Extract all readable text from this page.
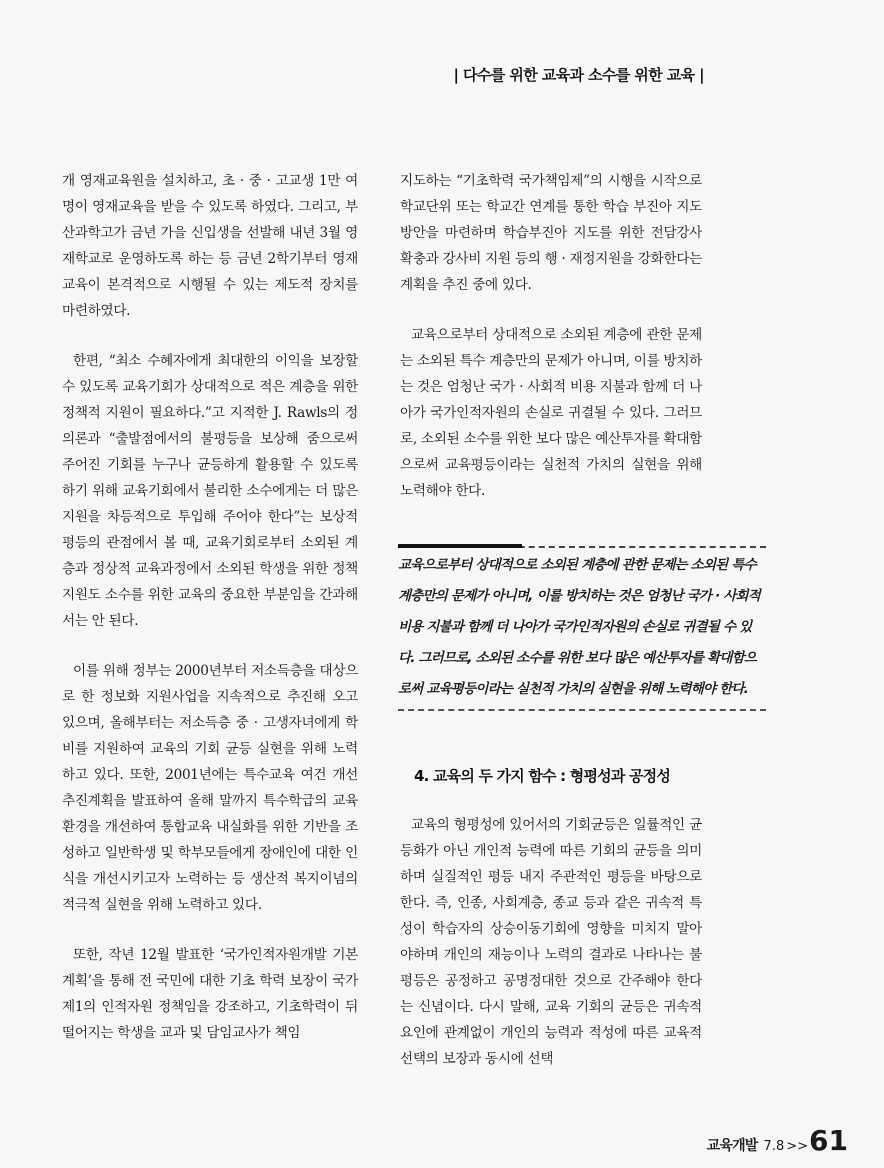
| 다수를 위한 교육과 소수를 위한 교육 |

개 영재교육원을 설치하고, 초 · 중 · 고교생 1만 여명이 영재교육을 받을 수 있도록 하였다. 그리고, 부산과학고가 금년 가을 신입생을 선발해 내년 3월 영재학교로 운영하도록 하는 등 금년 2학기부터 영재교육이 본격적으로 시행될 수 있는 제도적 장치를 마련하였다.

한편, “최소 수혜자에게 최대한의 이익을 보장할 수 있도록 교육기회가 상대적으로 적은 계층을 위한 정책적 지원이 필요하다.”고 지적한 J. Rawls의 정의론과 “출발점에서의 불평등을 보상해 줌으로써 주어진 기회를 누구나 균등하게 활용할 수 있도록 하기 위해 교육기회에서 불리한 소수에게는 더 많은 지원을 차등적으로 투입해 주어야 한다”는 보상적 평등의 관점에서 볼 때, 교육기회로부터 소외된 계층과 정상적 교육과정에서 소외된 학생을 위한 정책지원도 소수를 위한 교육의 중요한 부분임을 간과해서는 안 된다.

이를 위해 정부는 2000년부터 저소득층을 대상으로 한 정보화 지원사업을 지속적으로 추진해 오고 있으며, 올해부터는 저소득층 중 · 고생자녀에게 학비를 지원하여 교육의 기회 균등 실현을 위해 노력하고 있다. 또한, 2001년에는 특수교육 여건 개선 추진계획을 발표하여 올해 말까지 특수학급의 교육환경을 개선하여 통합교육 내실화를 위한 기반을 조성하고 일반학생 및 학부모들에게 장애인에 대한 인식을 개선시키고자 노력하는 등 생산적 복지이념의 적극적 실현을 위해 노력하고 있다.

또한, 작년 12월 발표한 ‘국가인적자원개발 기본계획’을 통해 전 국민에 대한 기초 학력 보장이 국가 제1의 인적자원 정책임을 강조하고, 기초학력이 뒤떨어지는 학생을 교과 및 담임교사가 책임

지도하는 “기초학력 국가책임제”의 시행을 시작으로 학교단위 또는 학교간 연계를 통한 학습 부진아 지도 방안을 마련하며 학습부진아 지도를 위한 전담강사 확충과 강사비 지원 등의 행 · 재정지원을 강화한다는 계획을 추진 중에 있다.

교육으로부터 상대적으로 소외된 계층에 관한 문제는 소외된 특수 계층만의 문제가 아니며, 이를 방치하는 것은 엄청난 국가 · 사회적 비용 지불과 함께 더 나아가 국가인적자원의 손실로 귀결될 수 있다. 그러므로, 소외된 소수를 위한 보다 많은 예산투자를 확대함으로써 교육평등이라는 실천적 가치의 실현을 위해 노력해야 한다.

교육으로부터 상대적으로 소외된 계층에 관한 문제는 소외된 특수 계층만의 문제가 아니며, 이를 방치하는 것은 엄청난 국가 · 사회적 비용 지불과 함께 더 나아가 국가인적자원의 손실로 귀결될 수 있다. 그러므로, 소외된 소수를 위한 보다 많은 예산투자를 확대함으로써 교육평등이라는 실천적 가치의 실현을 위해 노력해야 한다.
4. 교육의 두 가지 함수 : 형평성과 공정성

교육의 형평성에 있어서의 기회균등은 일률적인 균등화가 아닌 개인적 능력에 따른 기회의 균등을 의미하며 실질적인 평등 내지 주관적인 평등을 바탕으로 한다. 즉, 인종, 사회계층, 종교 등과 같은 귀속적 특성이 학습자의 상승이동기회에 영향을 미치지 말아야하며 개인의 재능이나 노력의 결과로 나타나는 불평등은 공정하고 공명정대한 것으로 간주해야 한다는 신념이다. 다시 말해, 교육 기회의 균등은 귀속적 요인에 관계없이 개인의 능력과 적성에 따른 교육적 선택의 보장과 동시에 선택

교육개발 7.8 >> 61
